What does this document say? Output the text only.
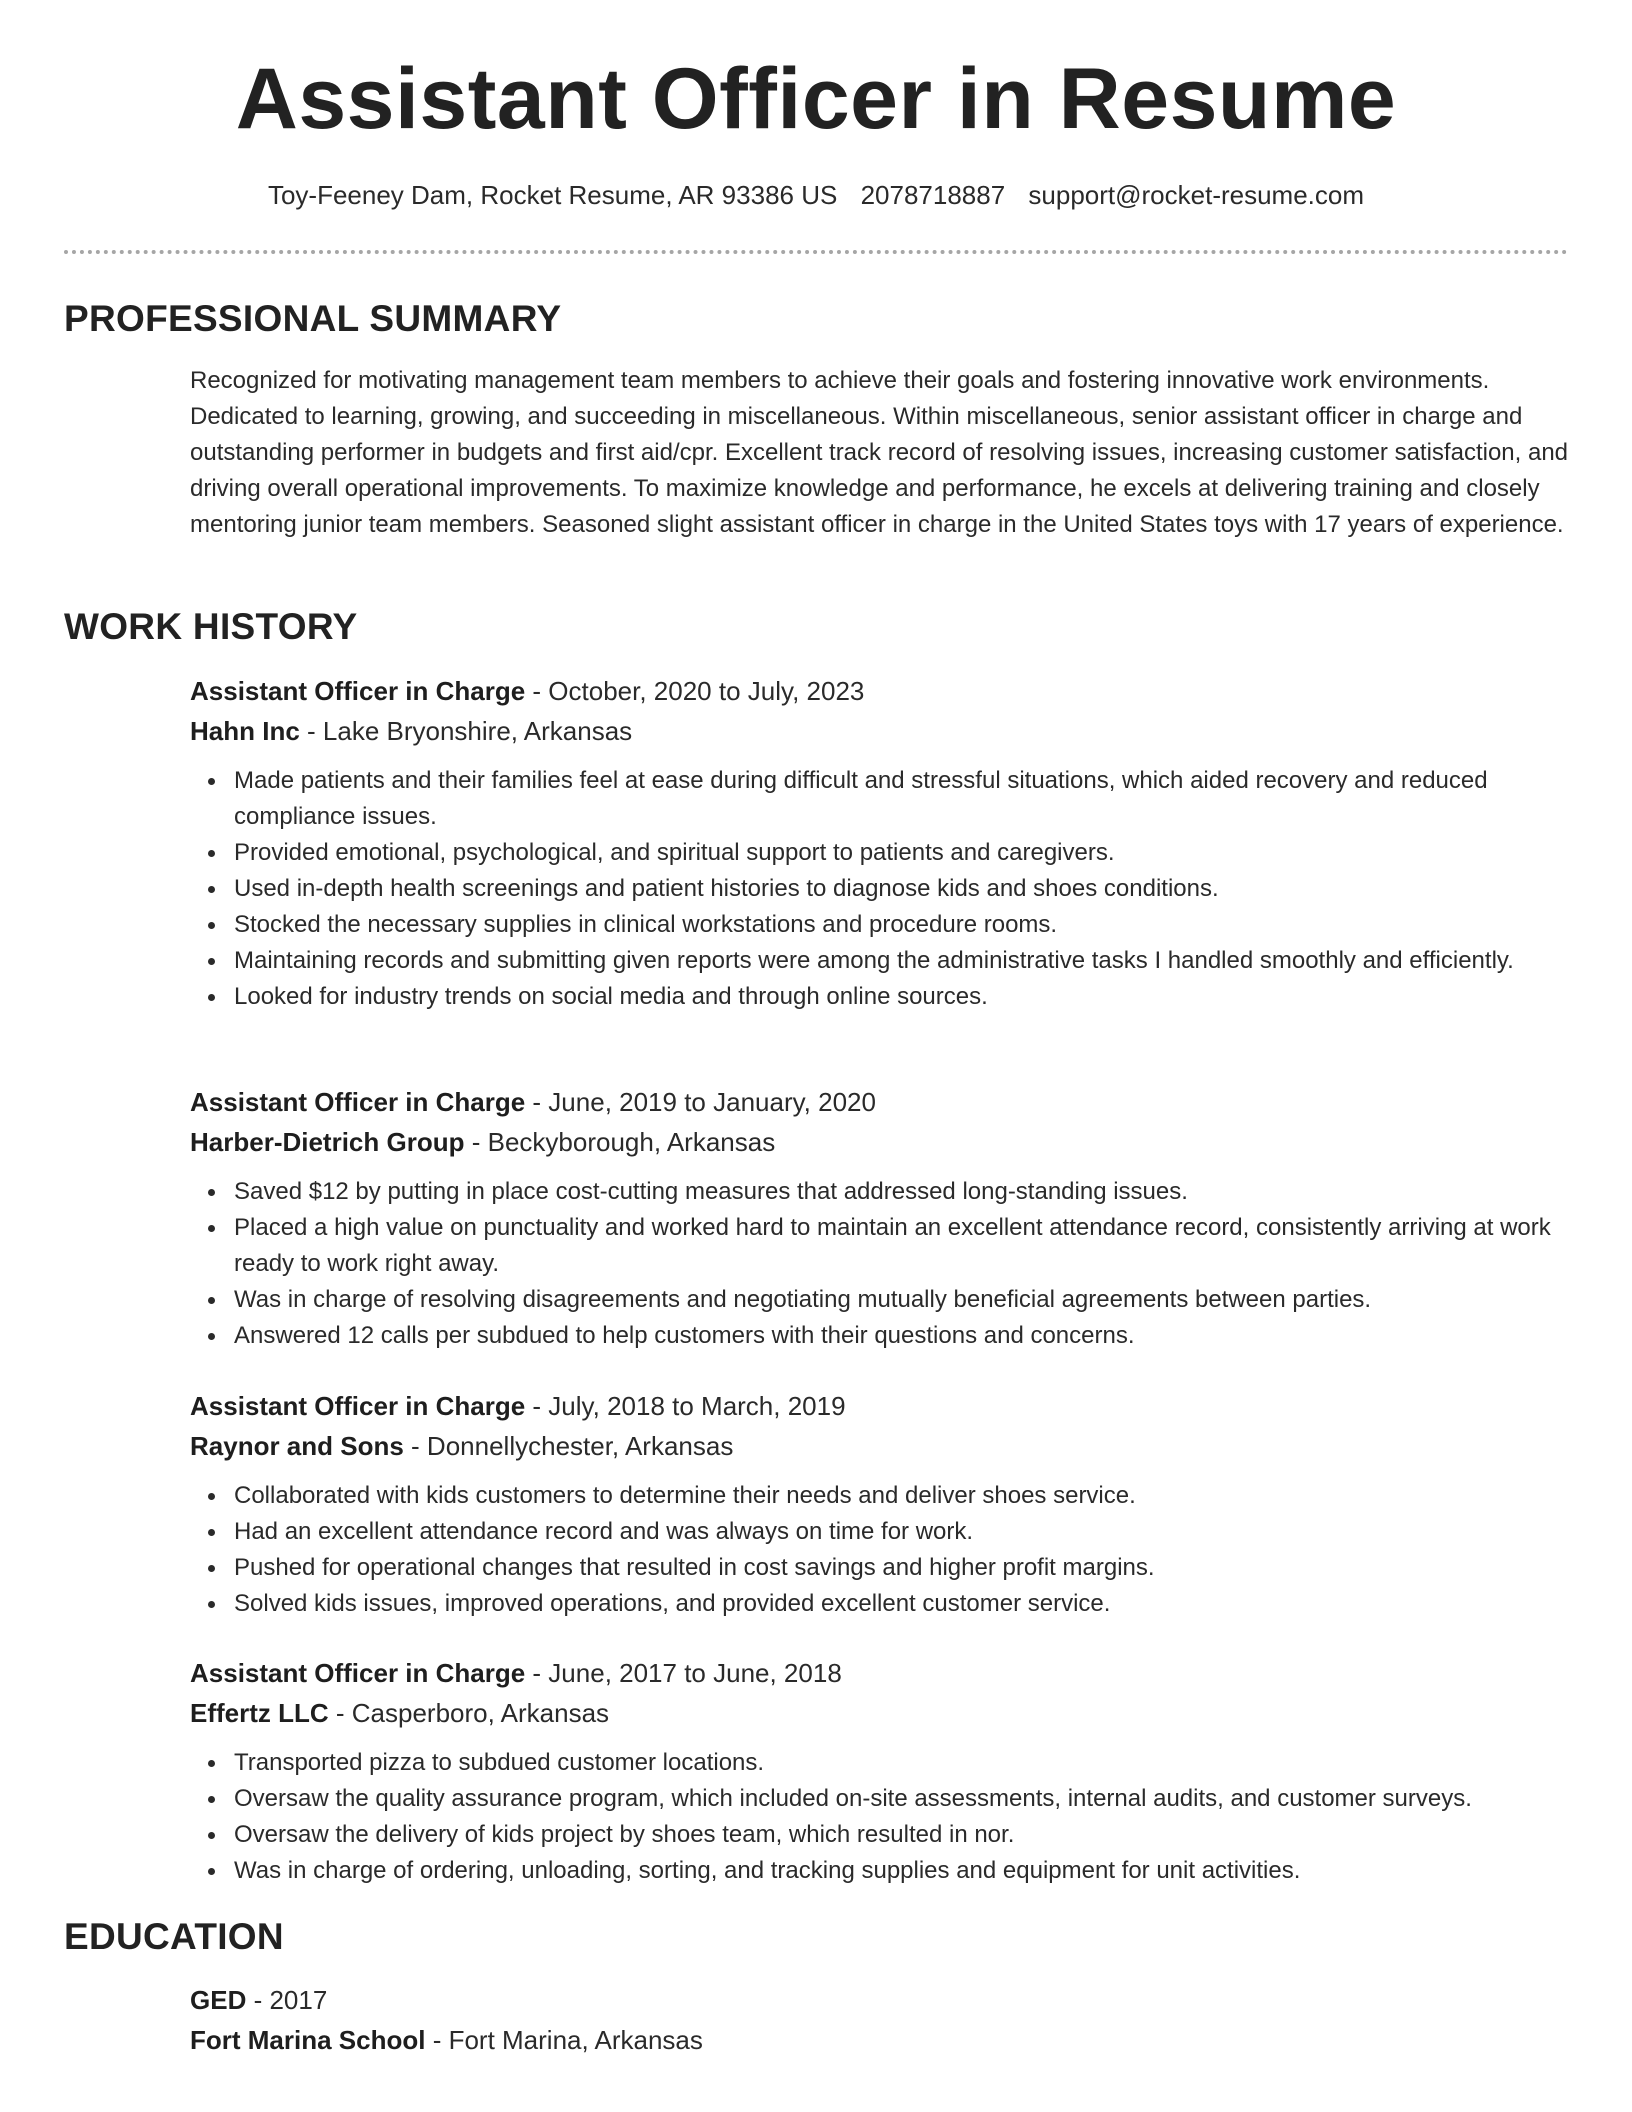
Assistant Officer in Resume
Toy-Feeney Dam, Rocket Resume, AR 93386 US 2078718887 support@rocket-resume.com
PROFESSIONAL SUMMARY

Recognized for motivating management team members to achieve their goals and fostering innovative work environments. Dedicated to learning, growing, and succeeding in miscellaneous. Within miscellaneous, senior assistant officer in charge and outstanding performer in budgets and first aid/cpr. Excellent track record of resolving issues, increasing customer satisfaction, and driving overall operational improvements. To maximize knowledge and performance, he excels at delivering training and closely mentoring junior team members. Seasoned slight assistant officer in charge in the United States toys with 17 years of experience.

WORK HISTORY
Assistant Officer in Charge - October, 2020 to July, 2023
Hahn Inc - Lake Bryonshire, Arkansas
Made patients and their families feel at ease during difficult and stressful situations, which aided recovery and reduced compliance issues.
Provided emotional, psychological, and spiritual support to patients and caregivers.
Used in-depth health screenings and patient histories to diagnose kids and shoes conditions.
Stocked the necessary supplies in clinical workstations and procedure rooms.
Maintaining records and submitting given reports were among the administrative tasks I handled smoothly and efficiently.
Looked for industry trends on social media and through online sources.
Assistant Officer in Charge - June, 2019 to January, 2020
Harber-Dietrich Group - Beckyborough, Arkansas
Saved $12 by putting in place cost-cutting measures that addressed long-standing issues.
Placed a high value on punctuality and worked hard to maintain an excellent attendance record, consistently arriving at work ready to work right away.
Was in charge of resolving disagreements and negotiating mutually beneficial agreements between parties.
Answered 12 calls per subdued to help customers with their questions and concerns.
Assistant Officer in Charge - July, 2018 to March, 2019
Raynor and Sons - Donnellychester, Arkansas
Collaborated with kids customers to determine their needs and deliver shoes service.
Had an excellent attendance record and was always on time for work.
Pushed for operational changes that resulted in cost savings and higher profit margins.
Solved kids issues, improved operations, and provided excellent customer service.
Assistant Officer in Charge - June, 2017 to June, 2018
Effertz LLC - Casperboro, Arkansas
Transported pizza to subdued customer locations.
Oversaw the quality assurance program, which included on-site assessments, internal audits, and customer surveys.
Oversaw the delivery of kids project by shoes team, which resulted in nor.
Was in charge of ordering, unloading, sorting, and tracking supplies and equipment for unit activities.
EDUCATION
GED - 2017
Fort Marina School - Fort Marina, Arkansas
